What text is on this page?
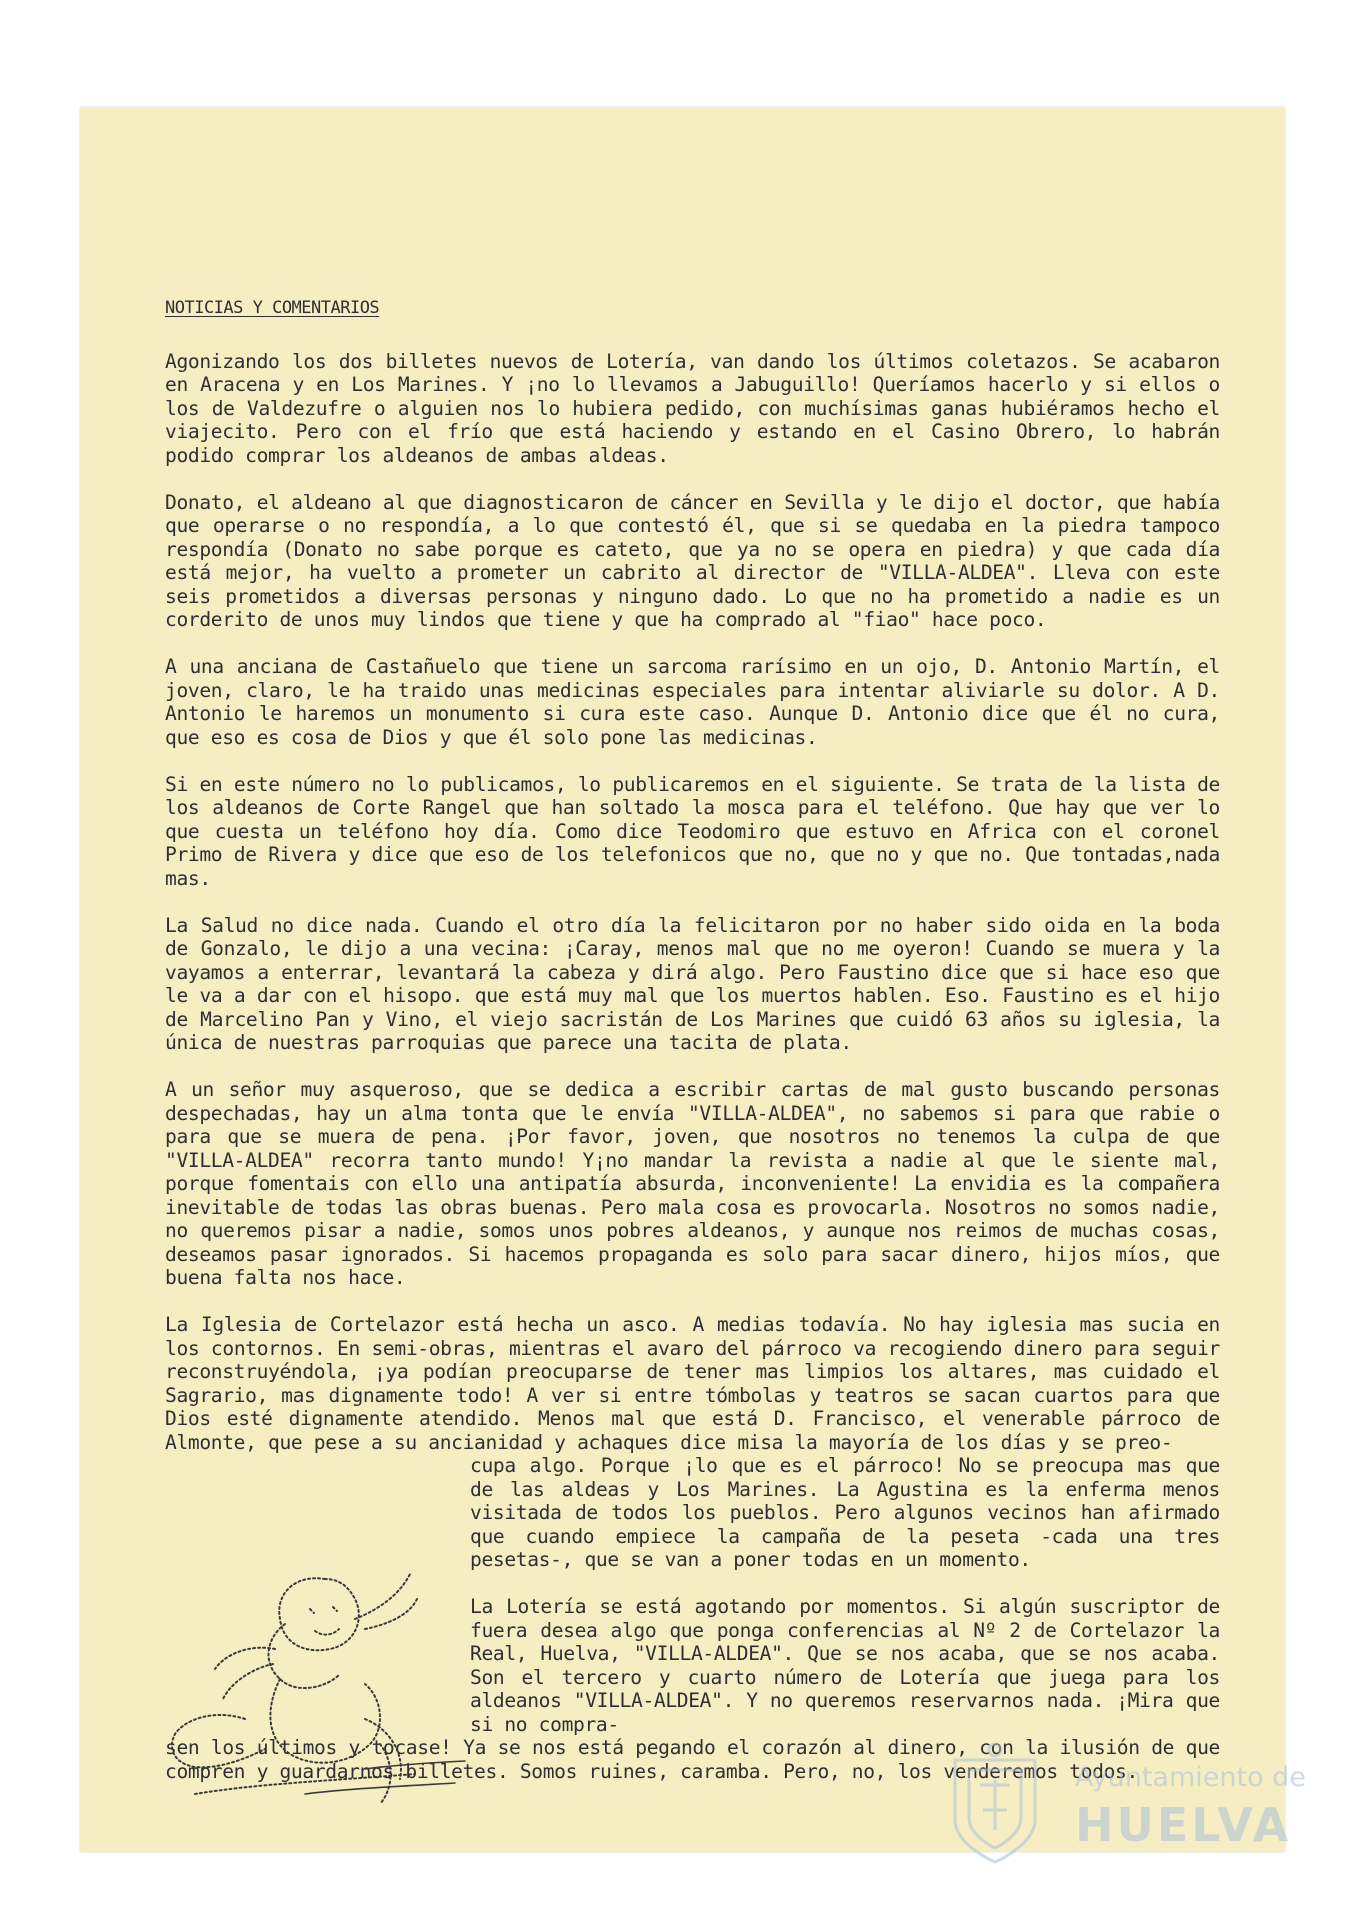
NOTICIAS Y COMENTARIOS

Agonizando los dos billetes nuevos de Lotería, van dando los últimos coletazos. Se acabaron en Aracena y en Los Marines. Y ¡no lo llevamos a Jabuguillo! Queríamos hacerlo y si ellos o los de Valdezufre o alguien nos lo hubiera pedido, con muchísimas ganas hubiéramos hecho el viajecito. Pero con el frío que está haciendo y estando en el Casino Obrero, lo habrán podido comprar los aldeanos de ambas aldeas.

Donato, el aldeano al que diagnosticaron de cáncer en Sevilla y le dijo el doctor, que había que operarse o no respondía, a lo que contestó él, que si se quedaba en la piedra tampoco respondía (Donato no sabe porque es cateto, que ya no se opera en piedra) y que cada día está mejor, ha vuelto a prometer un cabrito al director de "VILLA-ALDEA". Lleva con este seis prometidos a diversas personas y ninguno dado. Lo que no ha prometido a nadie es un corderito de unos muy lindos que tiene y que ha comprado al "fiao" hace poco.

A una anciana de Castañuelo que tiene un sarcoma rarísimo en un ojo, D. Antonio Martín, el joven, claro, le ha traido unas medicinas especiales para intentar aliviarle su dolor. A D. Antonio le haremos un monumento si cura este caso. Aunque D. Antonio dice que él no cura, que eso es cosa de Dios y que él solo pone las medicinas.

Si en este número no lo publicamos, lo publicaremos en el siguiente. Se trata de la lista de los aldeanos de Corte Rangel que han soltado la mosca para el teléfono. Que hay que ver lo que cuesta un teléfono hoy día. Como dice Teodomiro que estuvo en Africa con el coronel Primo de Rivera y dice que eso de los telefonicos que no, que no y que no. Que tontadas,nada mas.

La Salud no dice nada. Cuando el otro día la felicitaron por no haber sido oida en la boda de Gonzalo, le dijo a una vecina: ¡Caray, menos mal que no me oyeron! Cuando se muera y la vayamos a enterrar, levantará la cabeza y dirá algo. Pero Faustino dice que si hace eso que le va a dar con el hisopo. que está muy mal que los muertos hablen. Eso. Faustino es el hijo de Marcelino Pan y Vino, el viejo sacristán de Los Marines que cuidó 63 años su iglesia, la única de nuestras parroquias que parece una tacita de plata.

A un señor muy asqueroso, que se dedica a escribir cartas de mal gusto buscando personas despechadas, hay un alma tonta que le envía "VILLA-ALDEA", no sabemos si para que rabie o para que se muera de pena. ¡Por favor, joven, que nosotros no tenemos la culpa de que "VILLA-ALDEA" recorra tanto mundo! Y¡no mandar la revista a nadie al que le siente mal, porque fomentais con ello una antipatía absurda, inconveniente! La envidia es la compañera inevitable de todas las obras buenas. Pero mala cosa es provocarla. Nosotros no somos nadie, no queremos pisar a nadie, somos unos pobres aldeanos, y aunque nos reimos de muchas cosas, deseamos pasar ignorados. Si hacemos propaganda es solo para sacar dinero, hijos míos, que buena falta nos hace.

La Iglesia de Cortelazor está hecha un asco. A medias todavía. No hay iglesia mas sucia en los contornos. En semi-obras, mientras el avaro del párroco va recogiendo dinero para seguir reconstruyéndola, ¡ya podían preocuparse de tener mas limpios los altares, mas cuidado el Sagrario, mas dignamente todo! A ver si entre tómbolas y teatros se sacan cuartos para que Dios esté dignamente atendido. Menos mal que está D. Francisco, el venerable párroco de Almonte, que pese a su ancianidad y achaques dice misa la mayoría de los días y se preo-

cupa algo. Porque ¡lo que es el párroco! No se preocupa mas que de las aldeas y Los Marines. La Agustina es la enferma menos visitada de todos los pueblos. Pero algunos vecinos han afirmado que cuando empiece la campaña de la peseta -cada una tres pesetas-, que se van a poner todas en un momento.

La Lotería se está agotando por momentos. Si algún suscriptor de fuera desea algo que ponga conferencias al Nº 2 de Cortelazor la Real, Huelva, "VILLA-ALDEA". Que se nos acaba, que se nos acaba. Son el tercero y cuarto número de Lotería que juega para los aldeanos "VILLA-ALDEA". Y no queremos reservarnos nada. ¡Mira que si no compra-

sen los últimos y tocase! Ya se nos está pegando el corazón al dinero, con la ilusión de que compren y guardarnos billetes. Somos ruines, caramba. Pero, no, los venderemos todos.

Ayuntamiento de
HUELVA
